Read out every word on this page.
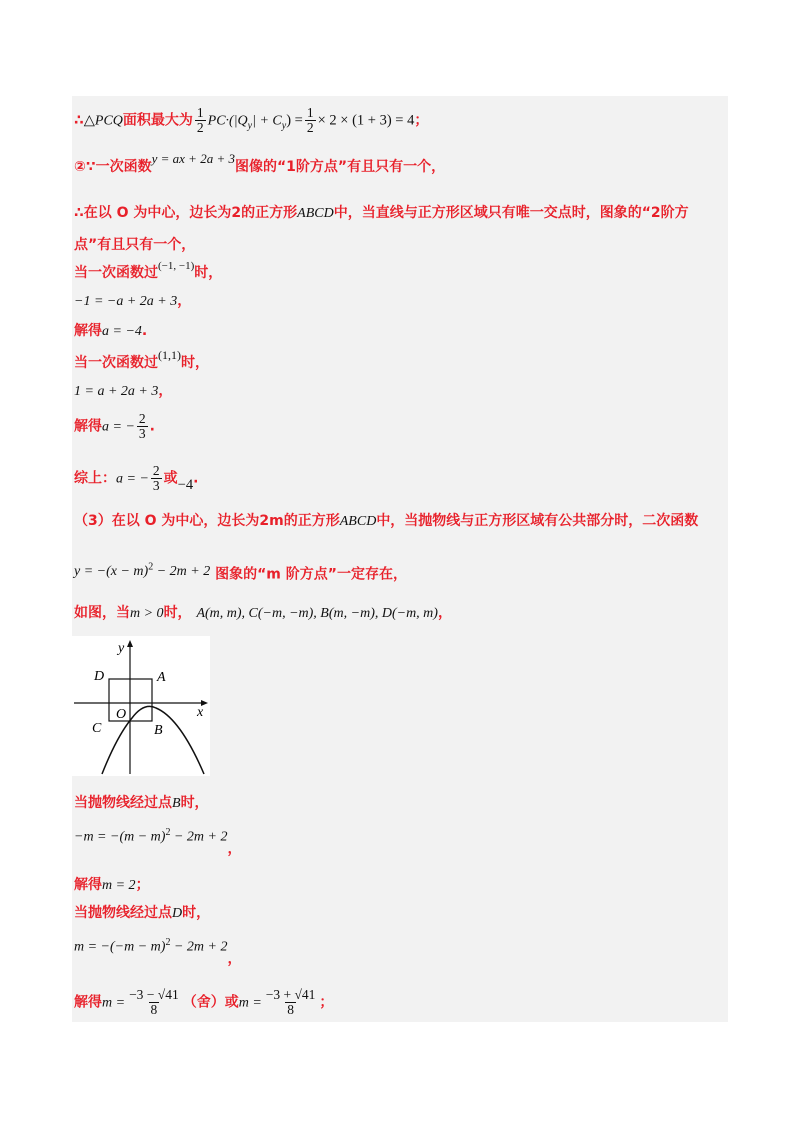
∴△PCQ面积最大为 $\frac{1}{2} PC\cdot(|Q_y| + C_y) = \frac{1}{2} \times 2 \times (1 + 3) = 4$；
②∵一次函数y = ax + 2a + 3图像的“1阶方点”有且只有一个，
∴在以 O 为中心，边长为2的正方形ABCD中，当直线与正方形区域只有唯一交点时，图象的“2阶方
点”有且只有一个，
当一次函数过$^{(-1, -1)}$时，
−1 = −a + 2a + 3，
解得a = −4.
当一次函数过(1,1)时，
1 = a + 2a + 3，
解得a = − $\frac{2}{3}$ .
综上：a = − $\frac{2}{3}$ 或−4.
（3）在以 O 为中心，边长为2m的正方形ABCD中，当抛物线与正方形区域有公共部分时，二次函数
$y = -(x - m)^2 - 2m + 2$ 图象的“m 阶方点”一定存在，
如图，当m > 0时， A(m, m), C(−m, −m), B(m, −m), D(−m, m)，
y
x
A
B
C
D
O
当抛物线经过点B时，
$-m = -(m - m)^2 - 2m + 2$，
解得m = 2；
当抛物线经过点D时，
$m = -(-m - m)^2 - 2m + 2$，
解得$m = \frac{-3 - √41}{8}$ （舍）或$m = \frac{-3 + √41}{8}$ ；
